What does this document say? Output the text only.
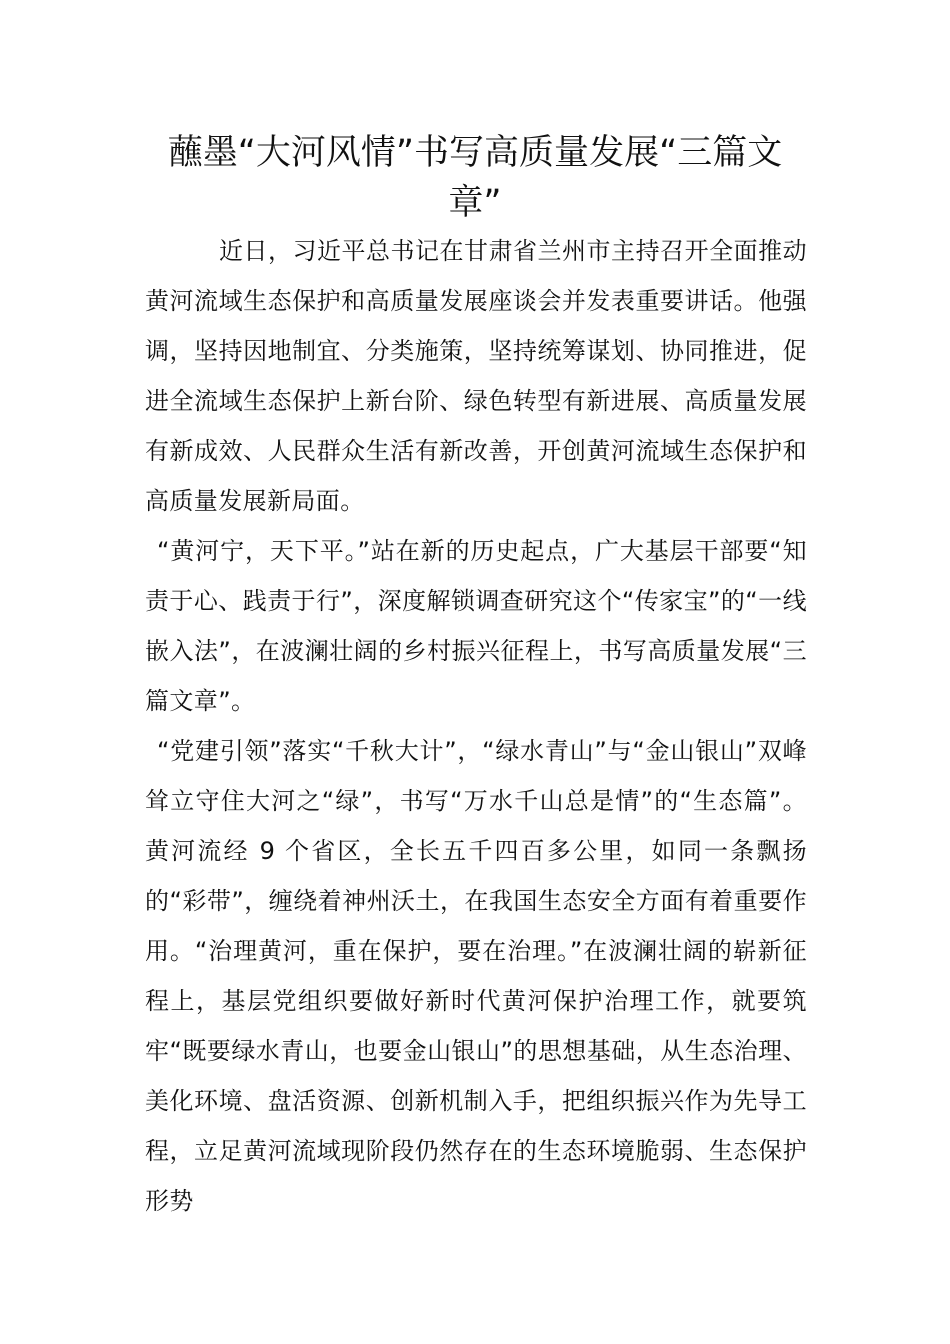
蘸墨“大河风情”书写高质量发展“三篇文章”

近日，习近平总书记在甘肃省兰州市主持召开全面推动黄河流域生态保护和高质量发展座谈会并发表重要讲话。他强调，坚持因地制宜、分类施策，坚持统筹谋划、协同推进，促进全流域生态保护上新台阶、绿色转型有新进展、高质量发展有新成效、人民群众生活有新改善，开创黄河流域生态保护和高质量发展新局面。

“黄河宁，天下平。”站在新的历史起点，广大基层干部要“知责于心、践责于行”，深度解锁调查研究这个“传家宝”的“一线嵌入法”，在波澜壮阔的乡村振兴征程上，书写高质量发展“三篇文章”。

“党建引领”落实“千秋大计”，“绿水青山”与“金山银山”双峰耸立守住大河之“绿”，书写“万水千山总是情”的“生态篇”。黄河流经 9 个省区，全长五千四百多公里，如同一条飘扬的“彩带”，缠绕着神州沃土，在我国生态安全方面有着重要作用。“治理黄河，重在保护，要在治理。”在波澜壮阔的崭新征程上，基层党组织要做好新时代黄河保护治理工作，就要筑牢“既要绿水青山，也要金山银山”的思想基础，从生态治理、美化环境、盘活资源、创新机制入手，把组织振兴作为先导工程，立足黄河流域现阶段仍然存在的生态环境脆弱、生态保护形势
